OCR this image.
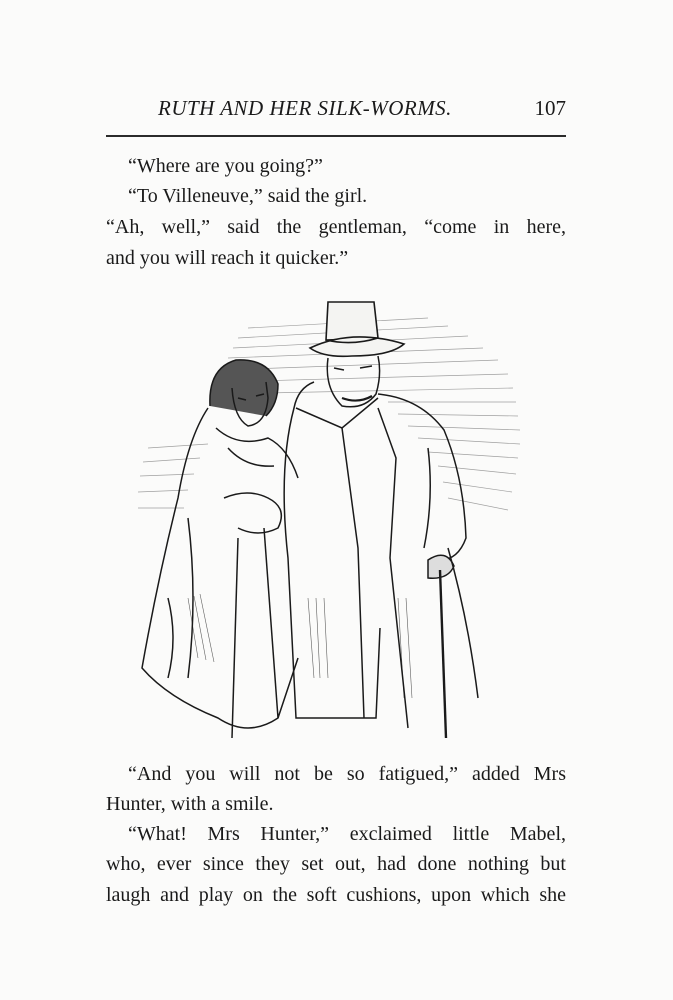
RUTH AND HER SILK-WORMS.	107
“Where are you going?”
“To Villeneuve,” said the girl.
“Ah, well,” said the gentleman, “come in here,
and you will reach it quicker.”
“And you will not be so fatigued,” added Mrs
Hunter, with a smile.
“What! Mrs Hunter,” exclaimed little Mabel,
who, ever since they set out, had done nothing but
laugh and play on the soft cushions, upon which she
